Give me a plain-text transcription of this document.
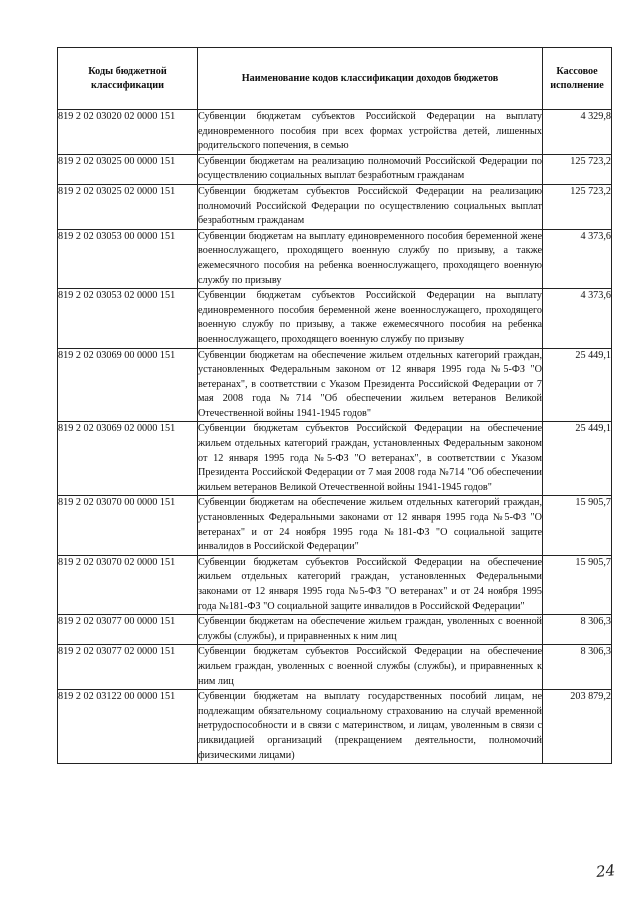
Коды бюджетной классификации	Наименование кодов классификации доходов бюджетов	Кассовое исполнение
819 2 02 03020 02 0000 151	Субвенции бюджетам субъектов Российской Федерации на выплату единовременного пособия при всех формах устройства детей, лишенных родительского попечения, в семью	4 329,8
819 2 02 03025 00 0000 151	Субвенции бюджетам на реализацию полномочий Российской Федерации по осуществлению социальных выплат безработным гражданам	125 723,2
819 2 02 03025 02 0000 151	Субвенции бюджетам субъектов Российской Федерации на реализацию полномочий Российской Федерации по осуществлению социальных выплат безработным гражданам	125 723,2
819 2 02 03053 00 0000 151	Субвенции бюджетам на выплату единовременного пособия беременной жене военнослужащего, проходящего военную службу по призыву, а также ежемесячного пособия на ребенка военнослужащего, проходящего военную службу по призыву	4 373,6
819 2 02 03053 02 0000 151	Субвенции бюджетам субъектов Российской Федерации на выплату единовременного пособия беременной жене военнослужащего, проходящего военную службу по призыву, а также ежемесячного пособия на ребенка военнослужащего, проходящего военную службу по призыву	4 373,6
819 2 02 03069 00 0000 151	Субвенции бюджетам на обеспечение жильем отдельных категорий граждан, установленных Федеральным законом от 12 января 1995 года №5-ФЗ "О ветеранах", в соответствии с Указом Президента Российской Федерации от 7 мая 2008 года №714 "Об обеспечении жильем ветеранов Великой Отечественной войны 1941-1945 годов"	25 449,1
819 2 02 03069 02 0000 151	Субвенции бюджетам субъектов Российской Федерации на обеспечение жильем отдельных категорий граждан, установленных Федеральным законом от 12 января 1995 года №5-ФЗ "О ветеранах", в соответствии с Указом Президента Российской Федерации от 7 мая 2008 года №714 "Об обеспечении жильем ветеранов Великой Отечественной войны 1941-1945 годов"	25 449,1
819 2 02 03070 00 0000 151	Субвенции бюджетам на обеспечение жильем отдельных категорий граждан, установленных Федеральными законами от 12 января 1995 года №5-ФЗ "О ветеранах" и от 24 ноября 1995 года №181-ФЗ "О социальной защите инвалидов в Российской Федерации"	15 905,7
819 2 02 03070 02 0000 151	Субвенции бюджетам субъектов Российской Федерации на обеспечение жильем отдельных категорий граждан, установленных Федеральными законами от 12 января 1995 года №5-ФЗ "О ветеранах" и от 24 ноября 1995 года №181-ФЗ "О социальной защите инвалидов в Российской Федерации"	15 905,7
819 2 02 03077 00 0000 151	Субвенции бюджетам на обеспечение жильем граждан, уволенных с военной службы (службы), и приравненных к ним лиц	8 306,3
819 2 02 03077 02 0000 151	Субвенции бюджетам субъектов Российской Федерации на обеспечение жильем граждан, уволенных с военной службы (службы), и приравненных к ним лиц	8 306,3
819 2 02 03122 00 0000 151	Субвенции бюджетам на выплату государственных пособий лицам, не подлежащим обязательному социальному страхованию на случай временной нетрудоспособности и в связи с материнством, и лицам, уволенным в связи с ликвидацией организаций (прекращением деятельности, полномочий физическими лицами)	203 879,2
24
